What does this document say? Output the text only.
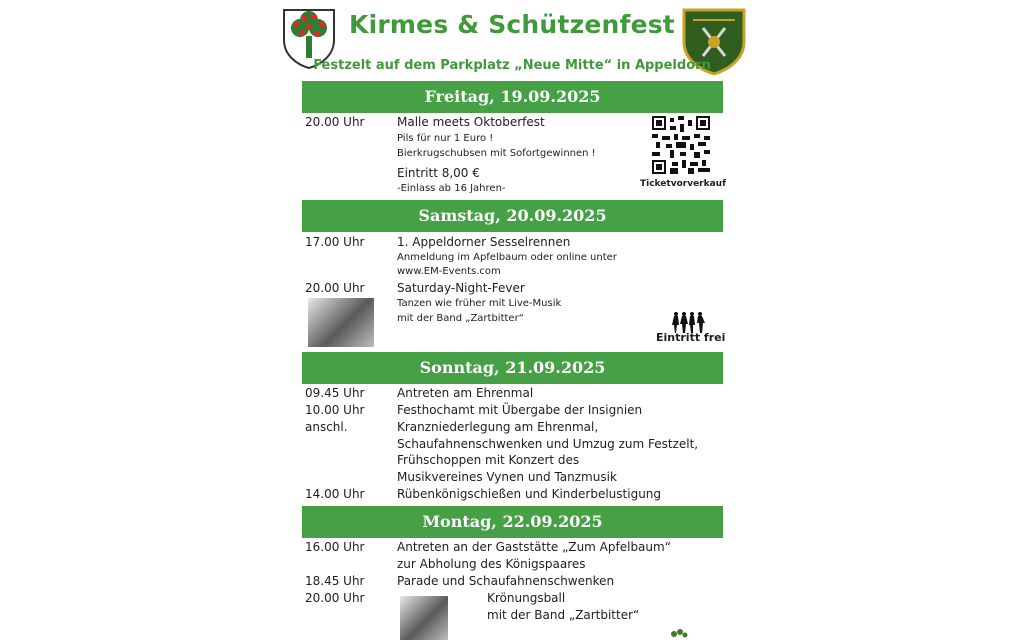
Kirmes & Schützenfest
Festzelt auf dem Parkplatz „Neue Mitte“ in Appeldorn
Freitag, 19.09.2025
20.00 Uhr	Malle meets Oktoberfest
Pils für nur 1 Euro !
Bierkrugschubsen mit Sofortgewinnen !
Eintritt 8,00 €
-Einlass ab 16 Jahren-	Ticketvorverkauf
Samstag, 20.09.2025
17.00 Uhr	1. Appeldorner Sesselrennen
Anmeldung im Apfelbaum oder online unter
www.EM-Events.com
20.00 Uhr	Saturday-Night-Fever
Tanzen wie früher mit Live-Musik
mit der Band „Zartbitter“
Eintritt frei
Sonntag, 21.09.2025
09.45 Uhr	Antreten am Ehrenmal
10.00 Uhr	Festhochamt mit Übergabe der Insignien
anschl.	Kranzniederlegung am Ehrenmal,
Schaufahnenschwenken und Umzug zum Festzelt,
Frühschoppen mit Konzert des
Musikvereines Vynen und Tanzmusik
14.00 Uhr	Rübenkönigschießen und Kinderbelustigung
Montag, 22.09.2025
16.00 Uhr	Antreten an der Gaststätte „Zum Apfelbaum“
zur Abholung des Königspaares
18.45 Uhr	Parade und Schaufahnenschwenken
20.00 Uhr	Krönungsball
mit der Band „Zartbitter“
